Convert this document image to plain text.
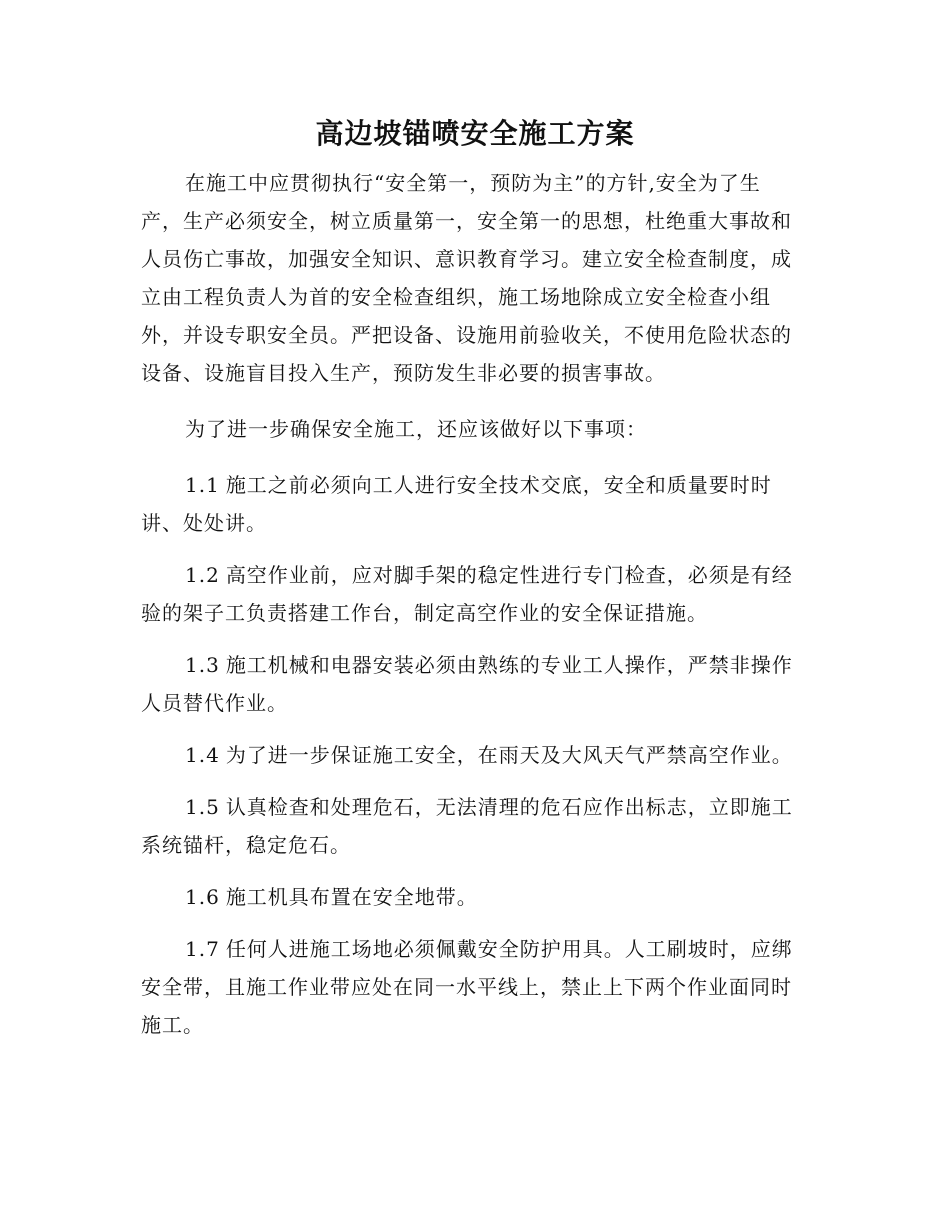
高边坡锚喷安全施工方案

在施工中应贯彻执行“安全第一，预防为主”的方针,安全为了生产，生产必须安全，树立质量第一，安全第一的思想，杜绝重大事故和人员伤亡事故，加强安全知识、意识教育学习。建立安全检查制度，成立由工程负责人为首的安全检查组织，施工场地除成立安全检查小组外，并设专职安全员。严把设备、设施用前验收关，不使用危险状态的设备、设施盲目投入生产，预防发生非必要的损害事故。

为了进一步确保安全施工，还应该做好以下事项：

1.1 施工之前必须向工人进行安全技术交底，安全和质量要时时讲、处处讲。

1.2 高空作业前，应对脚手架的稳定性进行专门检查，必须是有经验的架子工负责搭建工作台，制定高空作业的安全保证措施。

1.3 施工机械和电器安装必须由熟练的专业工人操作，严禁非操作人员替代作业。

1.4 为了进一步保证施工安全，在雨天及大风天气严禁高空作业。

1.5 认真检查和处理危石，无法清理的危石应作出标志，立即施工系统锚杆，稳定危石。

1.6 施工机具布置在安全地带。

1.7 任何人进施工场地必须佩戴安全防护用具。人工刷坡时，应绑安全带，且施工作业带应处在同一水平线上，禁止上下两个作业面同时施工。
